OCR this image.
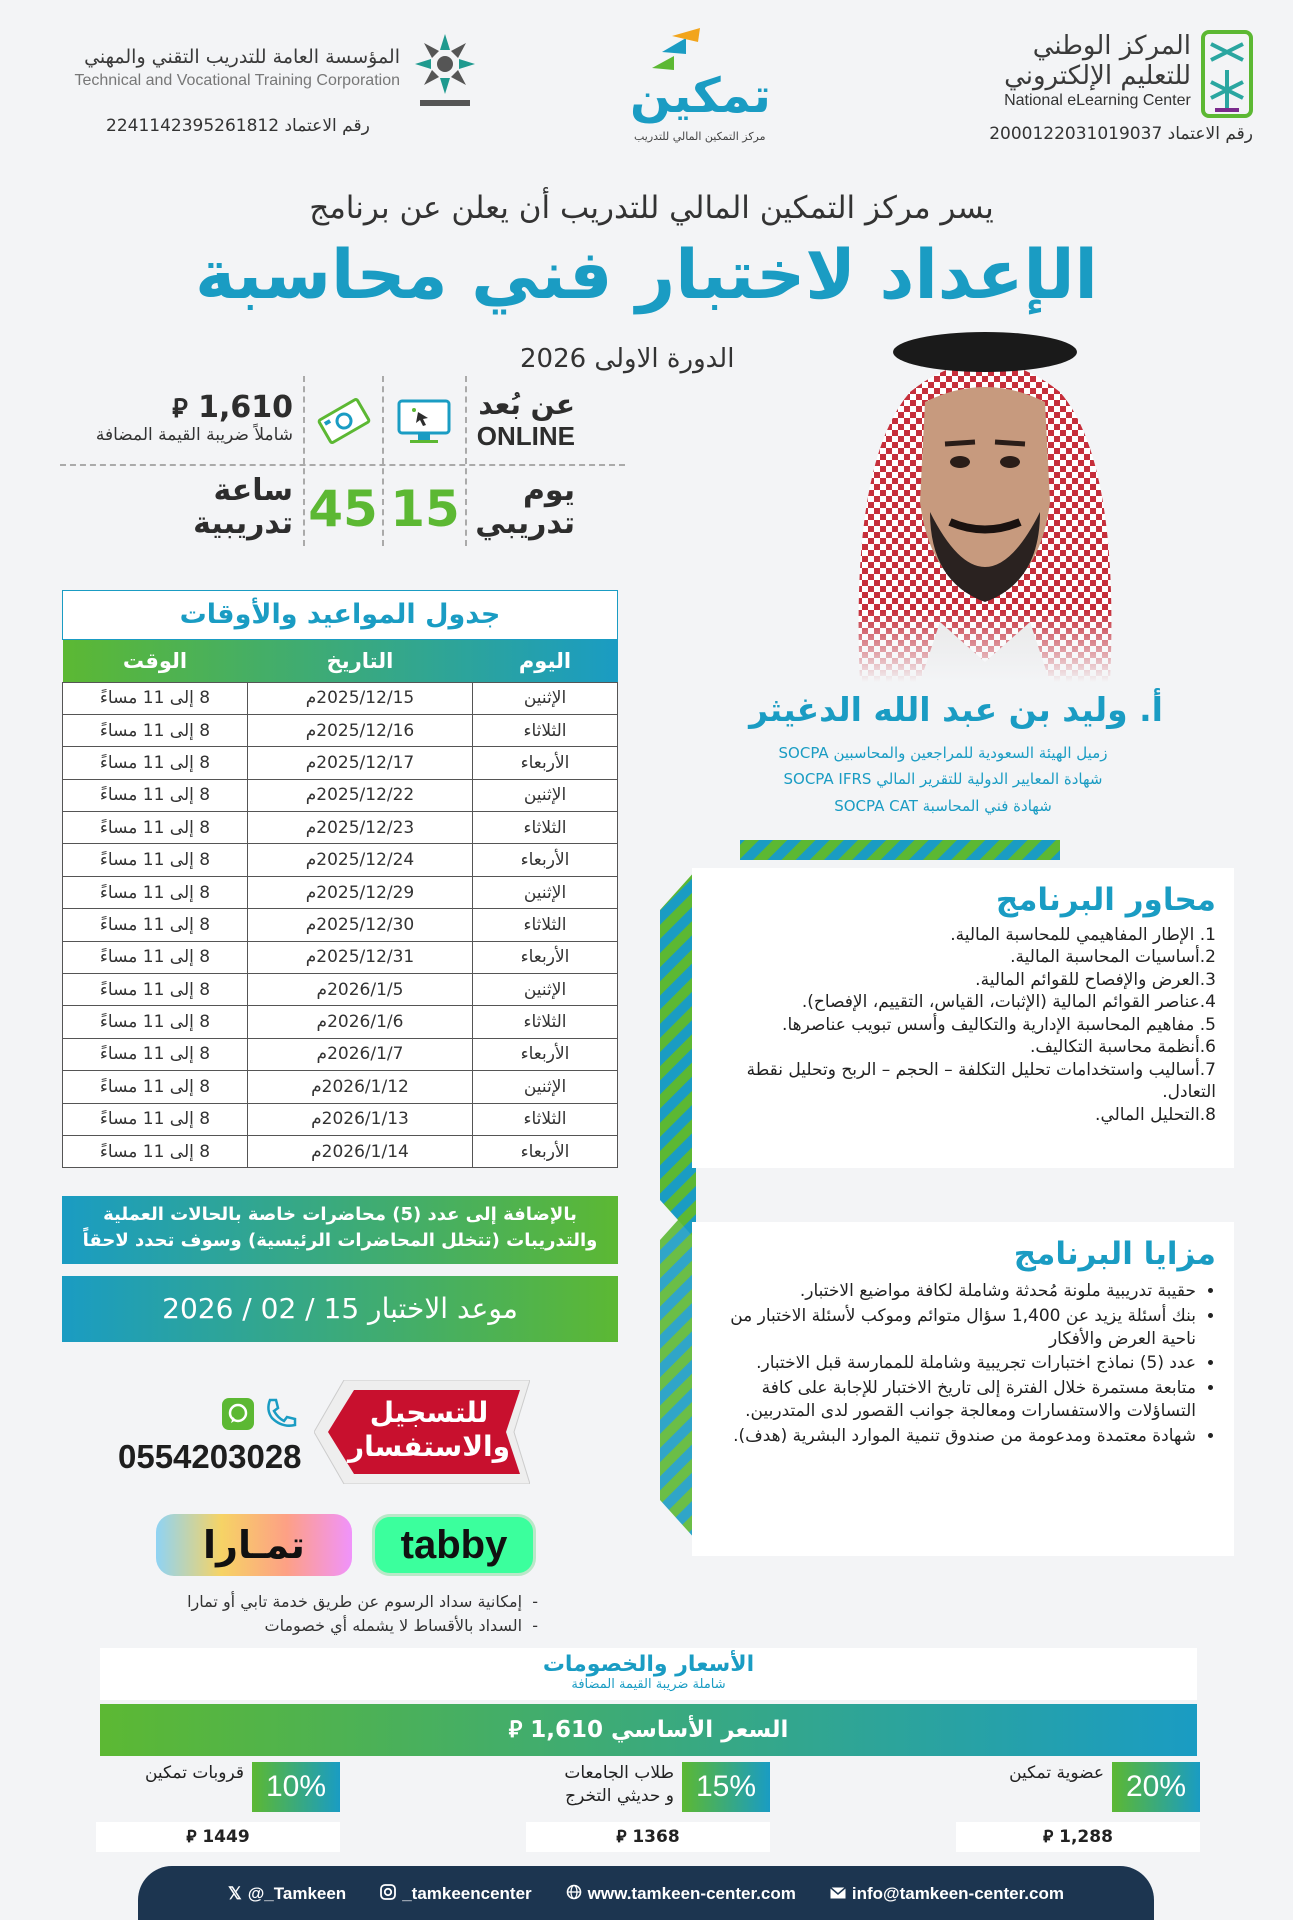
المركز الوطني
للتعليم الإلكتروني
National eLearning Center
رقم الاعتماد 2000122031019037
تمكين
مركز التمكين المالي للتدريب
المؤسسة العامة للتدريب التقني والمهني
Technical and Vocational Training Corporation
رقم الاعتماد 2241142395261812
يسر مركز التمكين المالي للتدريب أن يعلن عن برنامج
الإعداد لاختبار فني محاسبة
الدورة الاولى 2026
عن بُعد
ONLINE
1,610 ⃁
شاملاً ضريبة القيمة المضافة
يوم
تدريبي
15
45
ساعة
تدريبية
جدول المواعيد والأوقات
اليوم	التاريخ	الوقت
الإثنين	2025/12/15م	8 إلى 11 مساءً
الثلاثاء	2025/12/16م	8 إلى 11 مساءً
الأربعاء	2025/12/17م	8 إلى 11 مساءً
الإثنين	2025/12/22م	8 إلى 11 مساءً
الثلاثاء	2025/12/23م	8 إلى 11 مساءً
الأربعاء	2025/12/24م	8 إلى 11 مساءً
الإثنين	2025/12/29م	8 إلى 11 مساءً
الثلاثاء	2025/12/30م	8 إلى 11 مساءً
الأربعاء	2025/12/31م	8 إلى 11 مساءً
الإثنين	2026/1/5م	8 إلى 11 مساءً
الثلاثاء	2026/1/6م	8 إلى 11 مساءً
الأربعاء	2026/1/7م	8 إلى 11 مساءً
الإثنين	2026/1/12م	8 إلى 11 مساءً
الثلاثاء	2026/1/13م	8 إلى 11 مساءً
الأربعاء	2026/1/14م	8 إلى 11 مساءً
بالإضافة إلى عدد (5) محاضرات خاصة بالحالات العملية
والتدريبات (تتخلل المحاضرات الرئيسية) وسوف تحدد لاحقاً
موعد الاختبار 15 / 02 / 2026
للتسجيل
والاستفسار
0554203028
تمـارا tabby
-  إمكانية سداد الرسوم عن طريق خدمة تابي أو تمارا
-  السداد بالأقساط لا يشمله أي خصومات
أ. وليد بن عبد الله الدغيثر
زميل الهيئة السعودية للمراجعين والمحاسبين SOCPA
شهادة المعايير الدولية للتقرير المالي SOCPA IFRS
شهادة فني المحاسبة SOCPA CAT
محاور البرنامج
1. الإطار المفاهيمي للمحاسبة المالية.
2.أساسيات المحاسبة المالية.
3.العرض والإفصاح للقوائم المالية.
4.عناصر القوائم المالية (الإثبات، القياس، التقييم، الإفصاح).
5. مفاهيم المحاسبة الإدارية والتكاليف وأسس تبويب عناصرها.
6.أنظمة محاسبة التكاليف.
7.أساليب واستخدامات تحليل التكلفة – الحجم – الربح وتحليل نقطة التعادل.
8.التحليل المالي.
مزايا البرنامج
• حقيبة تدريبية ملونة مُحدثة وشاملة لكافة مواضيع الاختبار.
• بنك أسئلة يزيد عن 1,400 سؤال متوائم وموكب لأسئلة الاختبار من ناحية العرض والأفكار
• عدد (5) نماذج اختبارات تجريبية وشاملة للممارسة قبل الاختبار.
• متابعة مستمرة خلال الفترة إلى تاريخ الاختبار للإجابة على كافة التساؤلات والاستفسارات ومعالجة جوانب القصور لدى المتدربين.
• شهادة معتمدة ومدعومة من صندوق تنمية الموارد البشرية (هدف).
الأسعار والخصومات
شاملة ضريبة القيمة المضافة
السعر الأساسي 1,610 ⃁
20%
عضوية تمكين
1,288 ⃁
15%
طلاب الجامعات
و حديثي التخرج
1368 ⃁
10%
قروبات تمكين
1449 ⃁
𝕏 @_Tamkeen	_tamkeencenter	www.tamkeen-center.com	info@tamkeen-center.com
